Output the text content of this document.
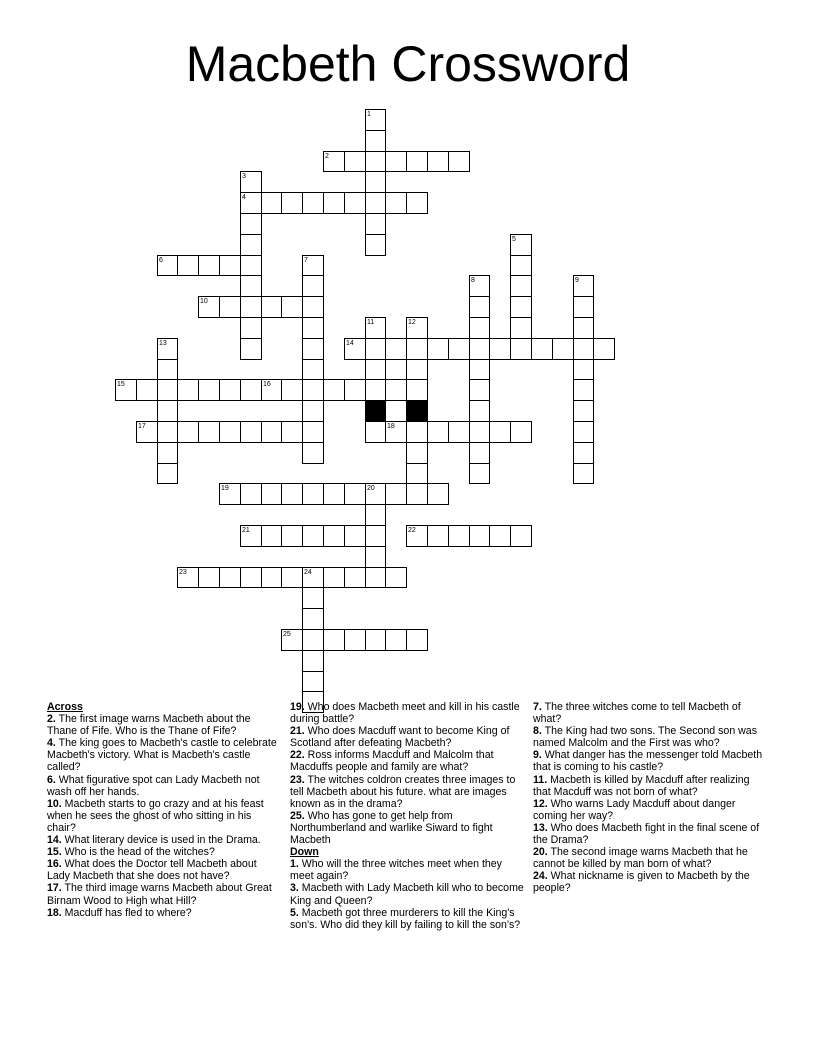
Macbeth Crossword
1
2
3
4
5
6	7
8	9
10
11	12
13	14
15	16
17	18
19	20
21	22
23	24
25
Across
2. The first image warns Macbeth about the Thane of Fife. Who is the Thane of Fife?
4. The king goes to Macbeth's castle to celebrate Macbeth's victory. What is Macbeth's castle called?
6. What figurative spot can Lady Macbeth not wash off her hands.
10. Macbeth starts to go crazy and at his feast when he sees the ghost of who sitting in his chair?
14. What literary device is used in the Drama.
15. Who is the head of the witches?
16. What does the Doctor tell Macbeth about Lady Macbeth that she does not have?
17. The third image warns Macbeth about Great Birnam Wood to High what Hill?
18. Macduff has fled to where?
19. Who does Macbeth meet and kill in his castle during battle?
21. Who does Macduff want to become King of Scotland after defeating Macbeth?
22. Ross informs Macduff and Malcolm that Macduffs people and family are what?
23. The witches coldron creates three images to tell Macbeth about his future. what are images known as in the drama?
25. Who has gone to get help from Northumberland and warlike Siward to fight Macbeth
Down
1. Who will the three witches meet when they meet again?
3. Macbeth with Lady Macbeth kill who to become King and Queen?
5. Macbeth got three murderers to kill the King's son's. Who did they kill by failing to kill the son's?
7. The three witches come to tell Macbeth of what?
8. The King had two sons. The Second son was named Malcolm and the First was who?
9. What danger has the messenger told Macbeth that is coming to his castle?
11. Macbeth is killed by Macduff after realizing that Macduff was not born of what?
12. Who warns Lady Macduff about danger coming her way?
13. Who does Macbeth fight in the final scene of the Drama?
20. The second image warns Macbeth that he cannot be killed by man born of what?
24. What nickname is given to Macbeth by the people?
